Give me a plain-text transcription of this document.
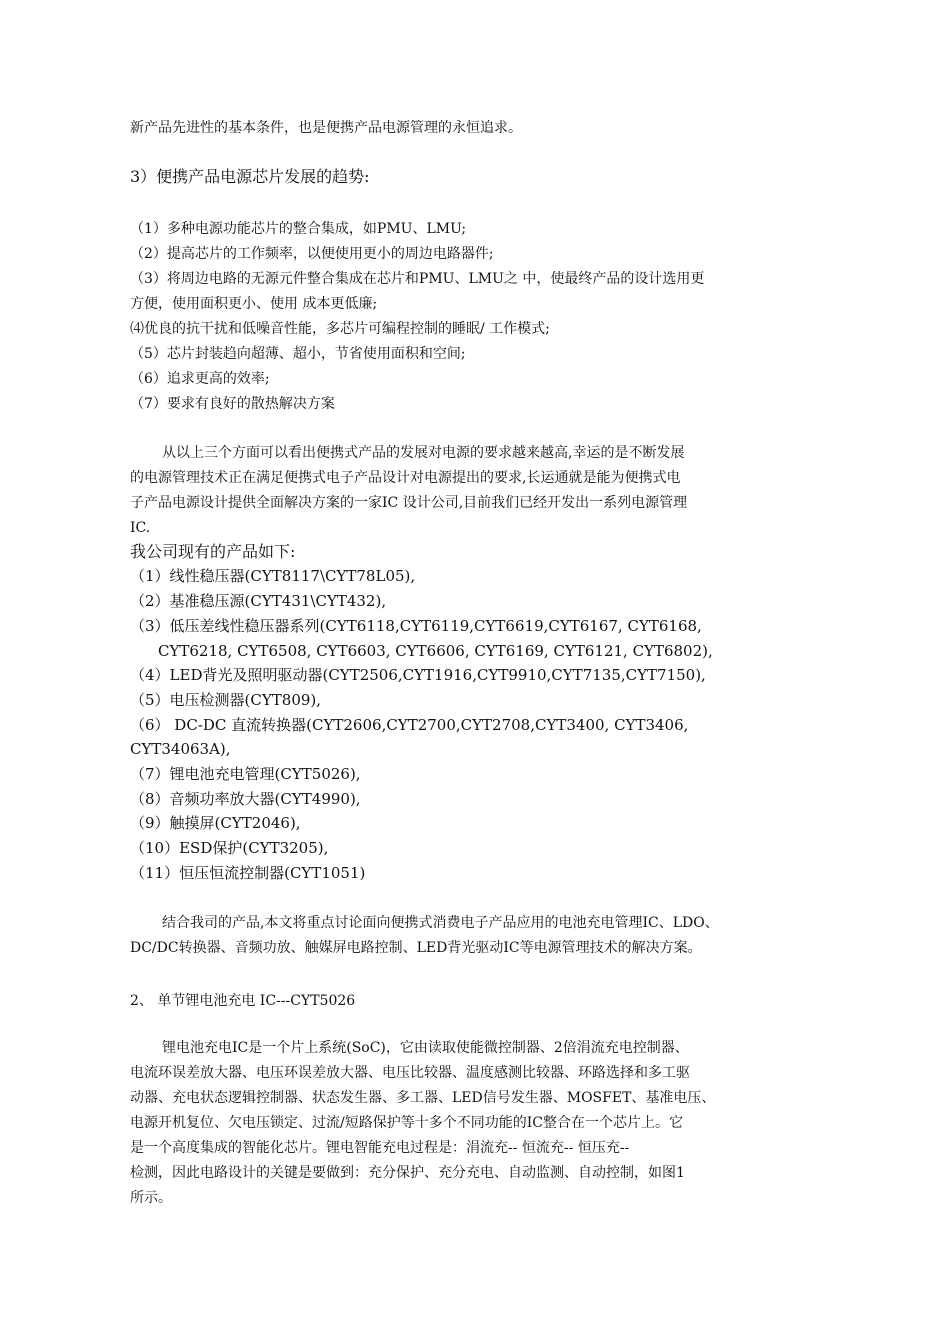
新产品先进性的基本条件，也是便携产品电源管理的永恒追求。
3）便携产品电源芯片发展的趋势:
（1）多种电源功能芯片的整合集成，如PMU、LMU;
（2）提高芯片的工作频率，以便使用更小的周边电路器件;
（3）将周边电路的无源元件整合集成在芯片和PMU、LMU之 中，使最终产品的设计选用更
方便，使用面积更小、使用 成本更低廉;
⑷优良的抗干扰和低噪音性能，多芯片可编程控制的睡眠/ 工作模式;
（5）芯片封装趋向超薄、超小，节省使用面积和空间;
（6）追求更高的效率;
（7）要求有良好的散热解决方案
从以上三个方面可以看出便携式产品的发展对电源的要求越来越高,幸运的是不断发展
的电源管理技术正在满足便携式电子产品设计对电源提出的要求,长运通就是能为便携式电
子产品电源设计提供全面解决方案的一家IC 设计公司,目前我们已经开发出一系列电源管理
IC.
我公司现有的产品如下:
（1）线性稳压器(CYT8117\CYT78L05),
（2）基准稳压源(CYT431\CYT432),
（3）低压差线性稳压器系列(CYT6118,CYT6119,CYT6619,CYT6167, CYT6168,
CYT6218, CYT6508, CYT6603, CYT6606, CYT6169, CYT6121, CYT6802),
（4）LED背光及照明驱动器(CYT2506,CYT1916,CYT9910,CYT7135,CYT7150),
（5）电压检测器(CYT809),
（6） DC-DC 直流转换器(CYT2606,CYT2700,CYT2708,CYT3400, CYT3406,
CYT34063A),
（7）锂电池充电管理(CYT5026),
（8）音频功率放大器(CYT4990),
（9）触摸屏(CYT2046),
（10）ESD保护(CYT3205),
（11）恒压恒流控制器(CYT1051)
结合我司的产品,本文将重点讨论面向便携式消费电子产品应用的电池充电管理IC、LDO、
DC/DC转换器、音频功放、触媒屏电路控制、LED背光驱动IC等电源管理技术的解决方案。
2、 单节锂电池充电 IC---CYT5026
锂电池充电IC是一个片上系统(SoC)，它由读取使能微控制器、2倍涓流充电控制器、
电流环误差放大器、电压环误差放大器、电压比较器、温度感测比较器、环路选择和多工驱
动器、充电状态逻辑控制器、状态发生器、多工器、LED信号发生器、MOSFET、基准电压、
电源开机复位、欠电压锁定、过流/短路保护等十多个不同功能的IC整合在一个芯片上。它
是一个高度集成的智能化芯片。锂电智能充电过程是：涓流充-- 恒流充-- 恒压充--
检测，因此电路设计的关键是要做到：充分保护、充分充电、自动监测、自动控制，如图1
所示。
